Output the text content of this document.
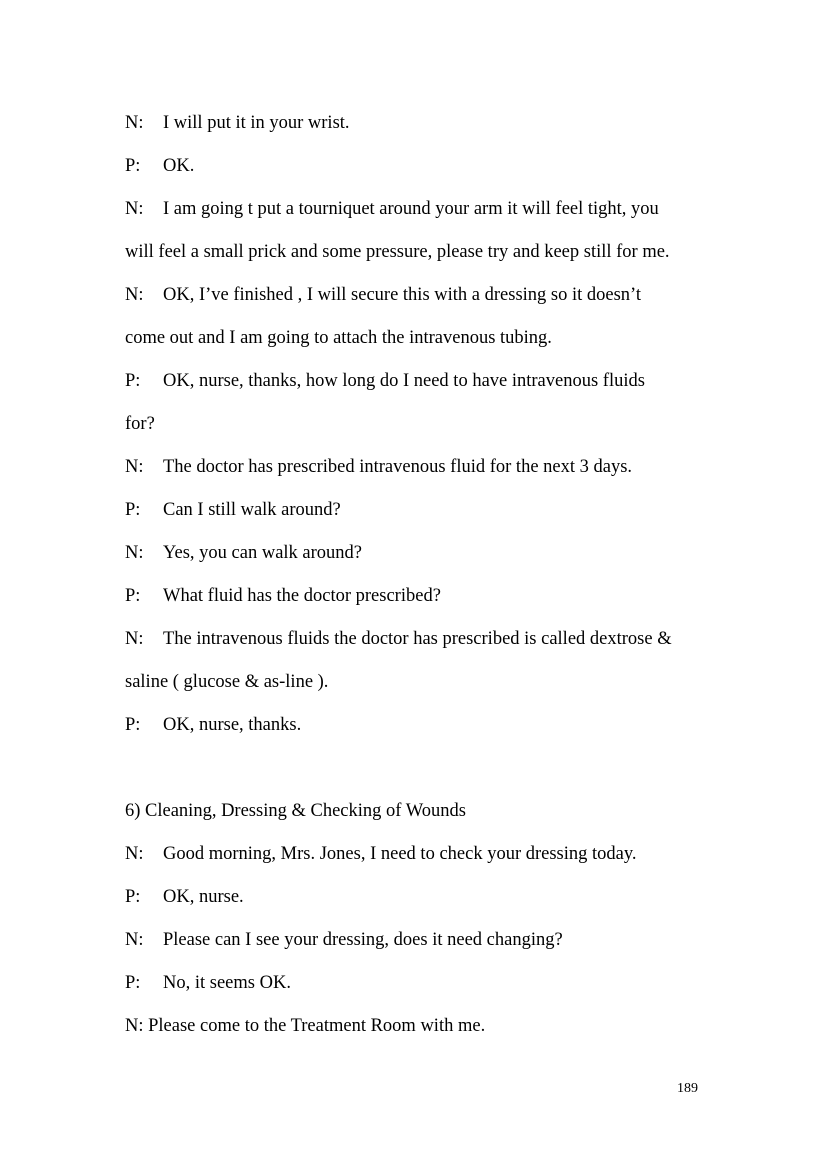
N: I will put it in your wrist.
P: OK.
N: I am going t put a tourniquet around your arm it will feel tight, you
will feel a small prick and some pressure, please try and keep still for me.
N: OK, I’ve finished , I will secure this with a dressing so it doesn’t
come out and I am going to attach the intravenous tubing.
P: OK, nurse, thanks, how long do I need to have intravenous fluids
for?
N: The doctor has prescribed intravenous fluid for the next 3 days.
P: Can I still walk around?
N: Yes, you can walk around?
P: What fluid has the doctor prescribed?
N: The intravenous fluids the doctor has prescribed is called dextrose &
saline ( glucose & as-line ).
P: OK, nurse, thanks.
6) Cleaning, Dressing & Checking of Wounds
N: Good morning, Mrs. Jones, I need to check your dressing today.
P: OK, nurse.
N: Please can I see your dressing, does it need changing?
P: No, it seems OK.
N: Please come to the Treatment Room with me.
189
